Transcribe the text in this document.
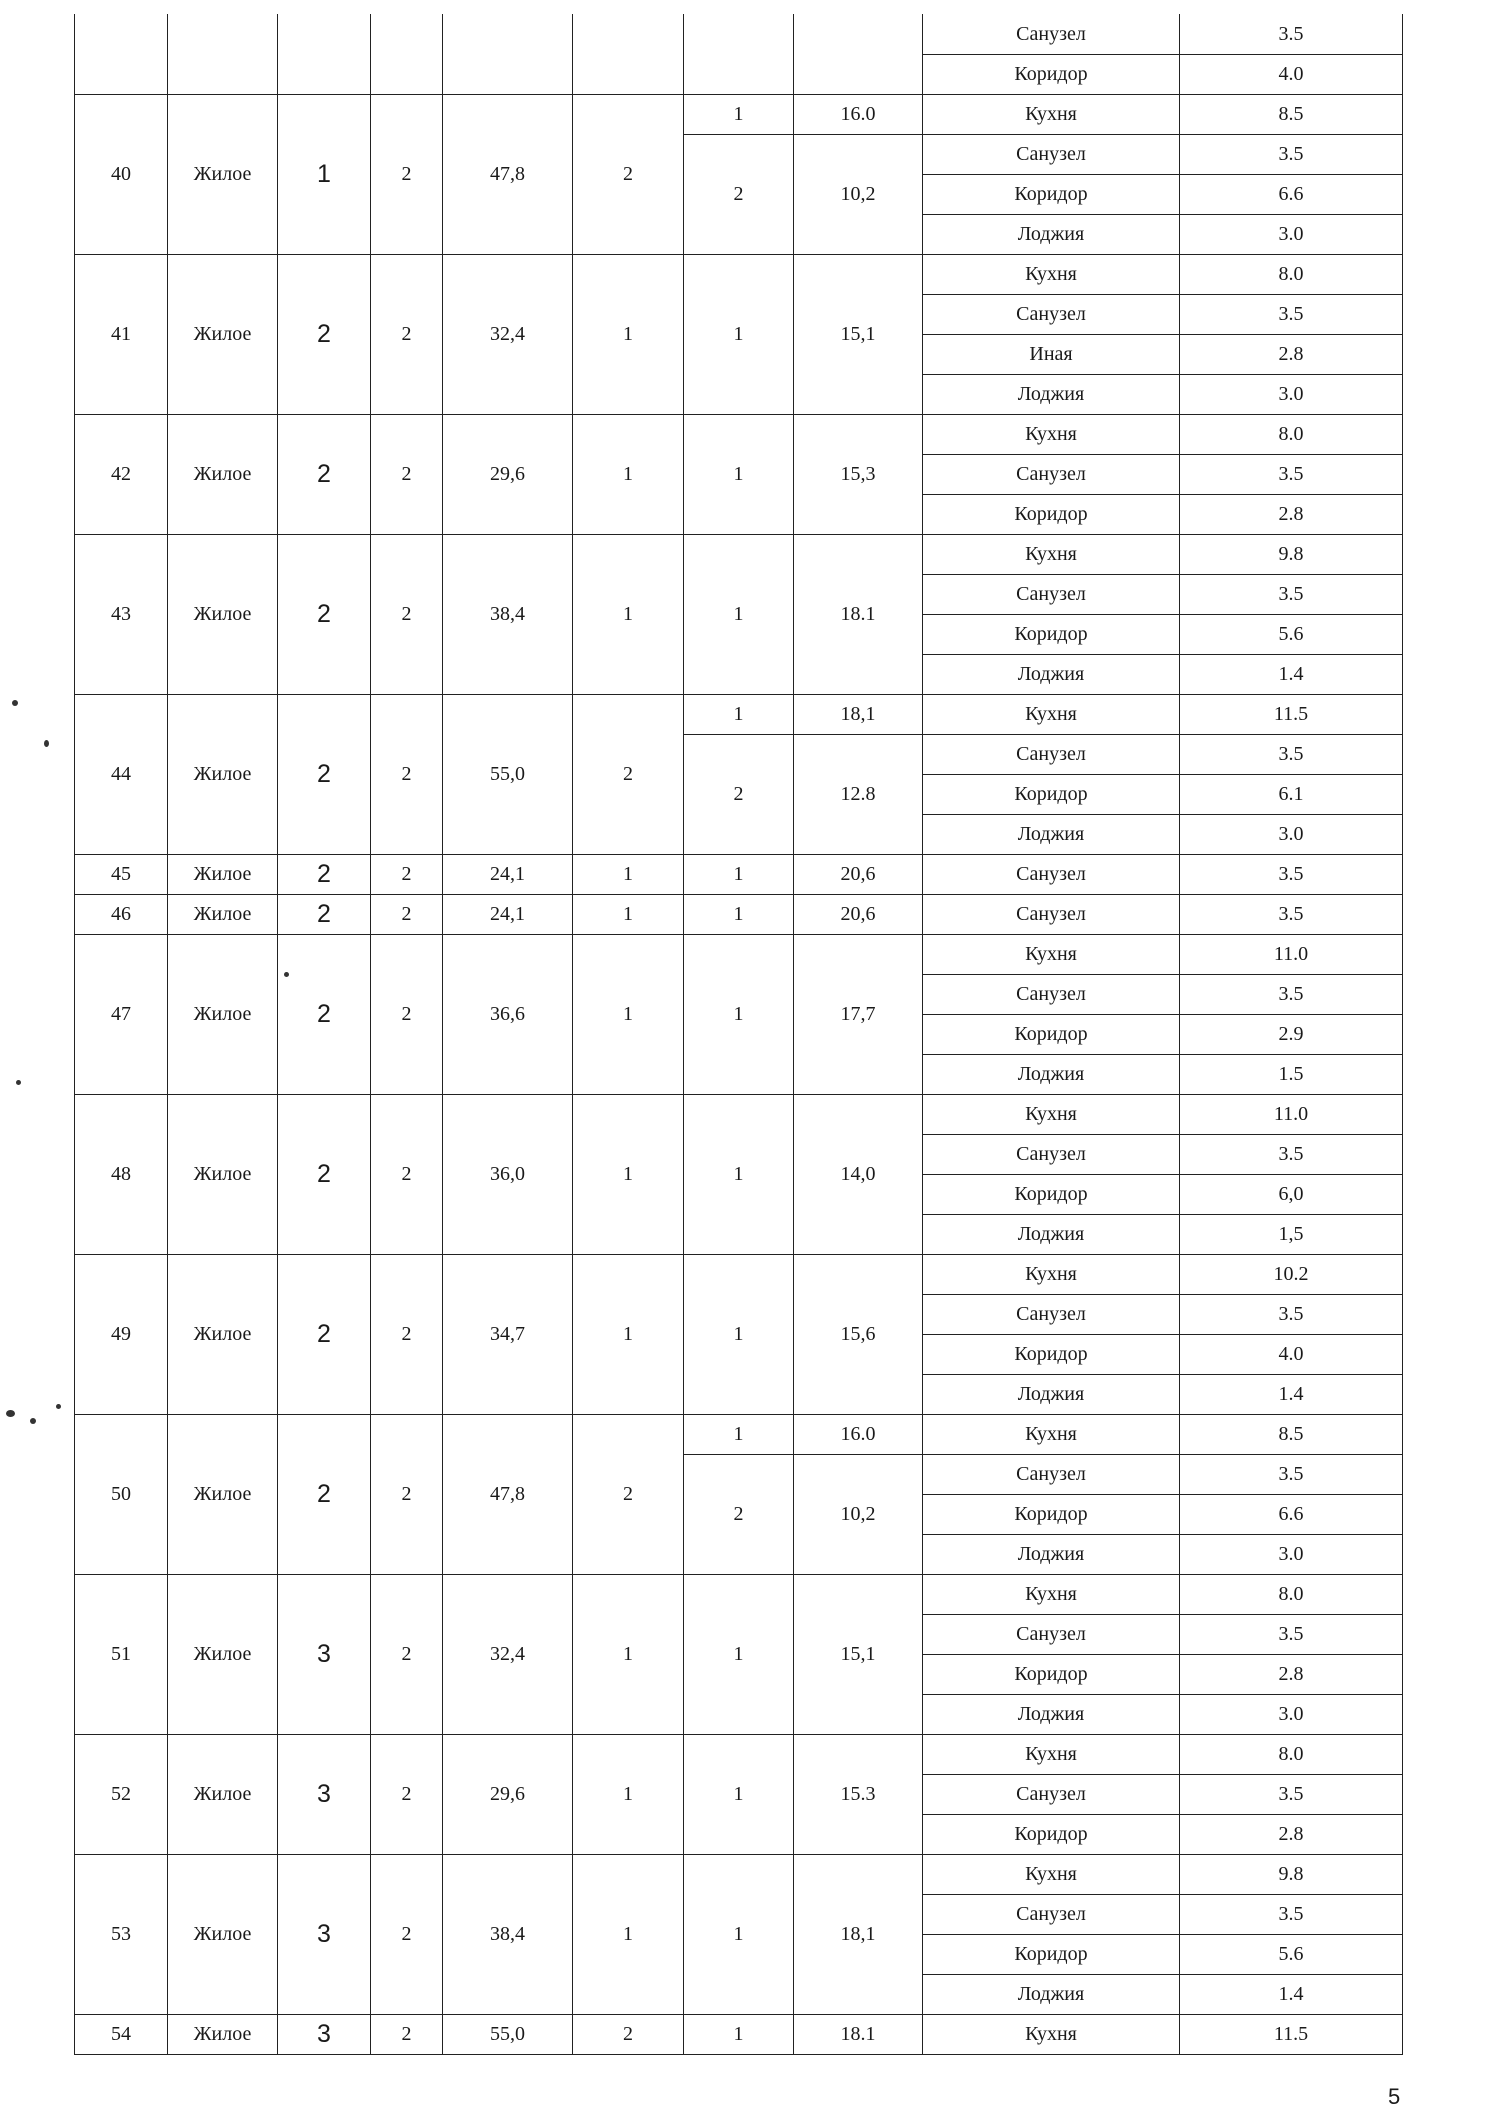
								Санузел	3.5
								Коридор	4.0
40	Жилое	1	2	47,8	2	1	16.0	Кухня	8.5
						2	10,2	Санузел	3.5
								Коридор	6.6
								Лоджия	3.0
41	Жилое	2	2	32,4	1	1	15,1	Кухня	8.0
								Санузел	3.5
								Иная	2.8
								Лоджия	3.0
42	Жилое	2	2	29,6	1	1	15,3	Кухня	8.0
								Санузел	3.5
								Коридор	2.8
43	Жилое	2	2	38,4	1	1	18.1	Кухня	9.8
								Санузел	3.5
								Коридор	5.6
								Лоджия	1.4
44	Жилое	2	2	55,0	2	1	18,1	Кухня	11.5
						2	12.8	Санузел	3.5
								Коридор	6.1
								Лоджия	3.0
45	Жилое	2	2	24,1	1	1	20,6	Санузел	3.5
46	Жилое	2	2	24,1	1	1	20,6	Санузел	3.5
47	Жилое	2	2	36,6	1	1	17,7	Кухня	11.0
								Санузел	3.5
								Коридор	2.9
								Лоджия	1.5
48	Жилое	2	2	36,0	1	1	14,0	Кухня	11.0
								Санузел	3.5
								Коридор	6,0
								Лоджия	1,5
49	Жилое	2	2	34,7	1	1	15,6	Кухня	10.2
								Санузел	3.5
								Коридор	4.0
								Лоджия	1.4
50	Жилое	2	2	47,8	2	1	16.0	Кухня	8.5
						2	10,2	Санузел	3.5
								Коридор	6.6
								Лоджия	3.0
51	Жилое	3	2	32,4	1	1	15,1	Кухня	8.0
								Санузел	3.5
								Коридор	2.8
								Лоджия	3.0
52	Жилое	3	2	29,6	1	1	15.3	Кухня	8.0
								Санузел	3.5
								Коридор	2.8
53	Жилое	3	2	38,4	1	1	18,1	Кухня	9.8
								Санузел	3.5
								Коридор	5.6
								Лоджия	1.4
54	Жилое	3	2	55,0	2	1	18.1	Кухня	11.5
5
